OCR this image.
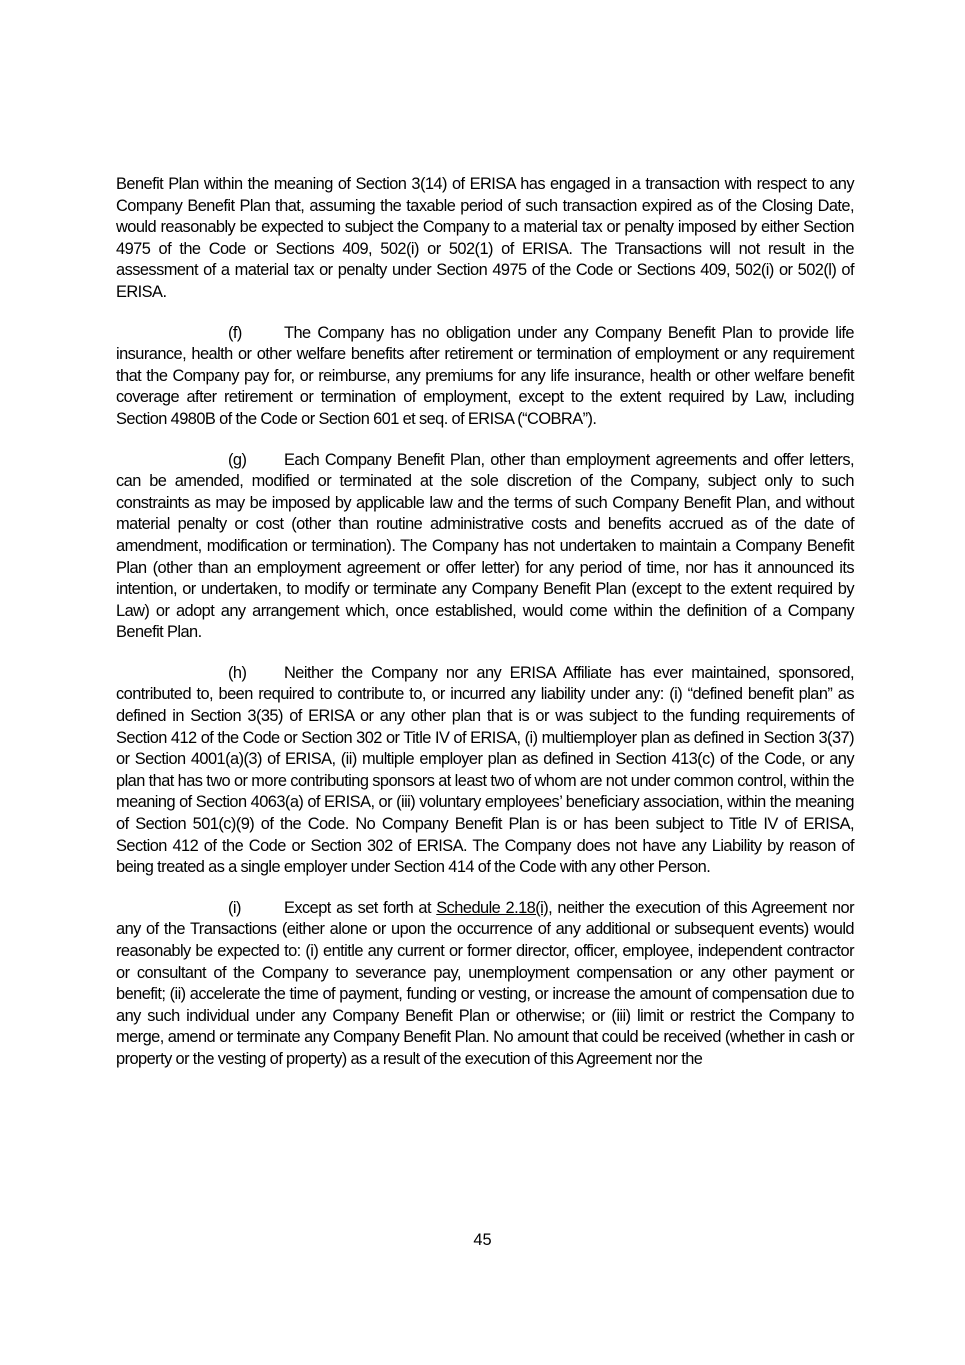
Benefit Plan within the meaning of Section 3(14) of ERISA has engaged in a transaction with respect to any Company Benefit Plan that, assuming the taxable period of such transaction expired as of the Closing Date, would reasonably be expected to subject the Company to a material tax or penalty imposed by either Section 4975 of the Code or Sections 409, 502(i) or 502(1) of ERISA. The Transactions will not result in the assessment of a material tax or penalty under Section 4975 of the Code or Sections 409, 502(i) or 502(l) of ERISA.

(f)	The Company has no obligation under any Company Benefit Plan to provide life insurance, health or other welfare benefits after retirement or termination of employment or any requirement that the Company pay for, or reimburse, any premiums for any life insurance, health or other welfare benefit coverage after retirement or termination of employment, except to the extent required by Law, including Section 4980B of the Code or Section 601 et seq. of ERISA (“COBRA”).

(g) Each Company Benefit Plan, other than employment agreements and offer letters, can be amended, modified or terminated at the sole discretion of the Company, subject only to such constraints as may be imposed by applicable law and the terms of such Company Benefit Plan, and without material penalty or cost (other than routine administrative costs and benefits accrued as of the date of amendment, modification or termination). The Company has not undertaken to maintain a Company Benefit Plan (other than an employment agreement or offer letter) for any period of time, nor has it announced its intention, or undertaken, to modify or terminate any Company Benefit Plan (except to the extent required by Law) or adopt any arrangement which, once established, would come within the definition of a Company Benefit Plan.

(h) Neither the Company nor any ERISA Affiliate has ever maintained, sponsored, contributed to, been required to contribute to, or incurred any liability under any: (i) “defined benefit plan” as defined in Section 3(35) of ERISA or any other plan that is or was subject to the funding requirements of Section 412 of the Code or Section 302 or Title IV of ERISA, (i) multiemployer plan as defined in Section 3(37) or Section 4001(a)(3) of ERISA, (ii) multiple employer plan as defined in Section 413(c) of the Code, or any plan that has two or more contributing sponsors at least two of whom are not under common control, within the meaning of Section 4063(a) of ERISA, or (iii) voluntary employees’ beneficiary association, within the meaning of Section 501(c)(9) of the Code. No Company Benefit Plan is or has been subject to Title IV of ERISA, Section 412 of the Code or Section 302 of ERISA. The Company does not have any Liability by reason of being treated as a single employer under Section 414 of the Code with any other Person.

(i)	Except as set forth at Schedule 2.18(i), neither the execution of this Agreement nor any of the Transactions (either alone or upon the occurrence of any additional or subsequent events) would reasonably be expected to: (i) entitle any current or former director, officer, employee, independent contractor or consultant of the Company to severance pay, unemployment compensation or any other payment or benefit; (ii) accelerate the time of payment, funding or vesting, or increase the amount of compensation due to any such individual under any Company Benefit Plan or otherwise; or (iii) limit or restrict the Company to merge, amend or terminate any Company Benefit Plan. No amount that could be received (whether in cash or property or the vesting of property) as a result of the execution of this Agreement nor the

45
